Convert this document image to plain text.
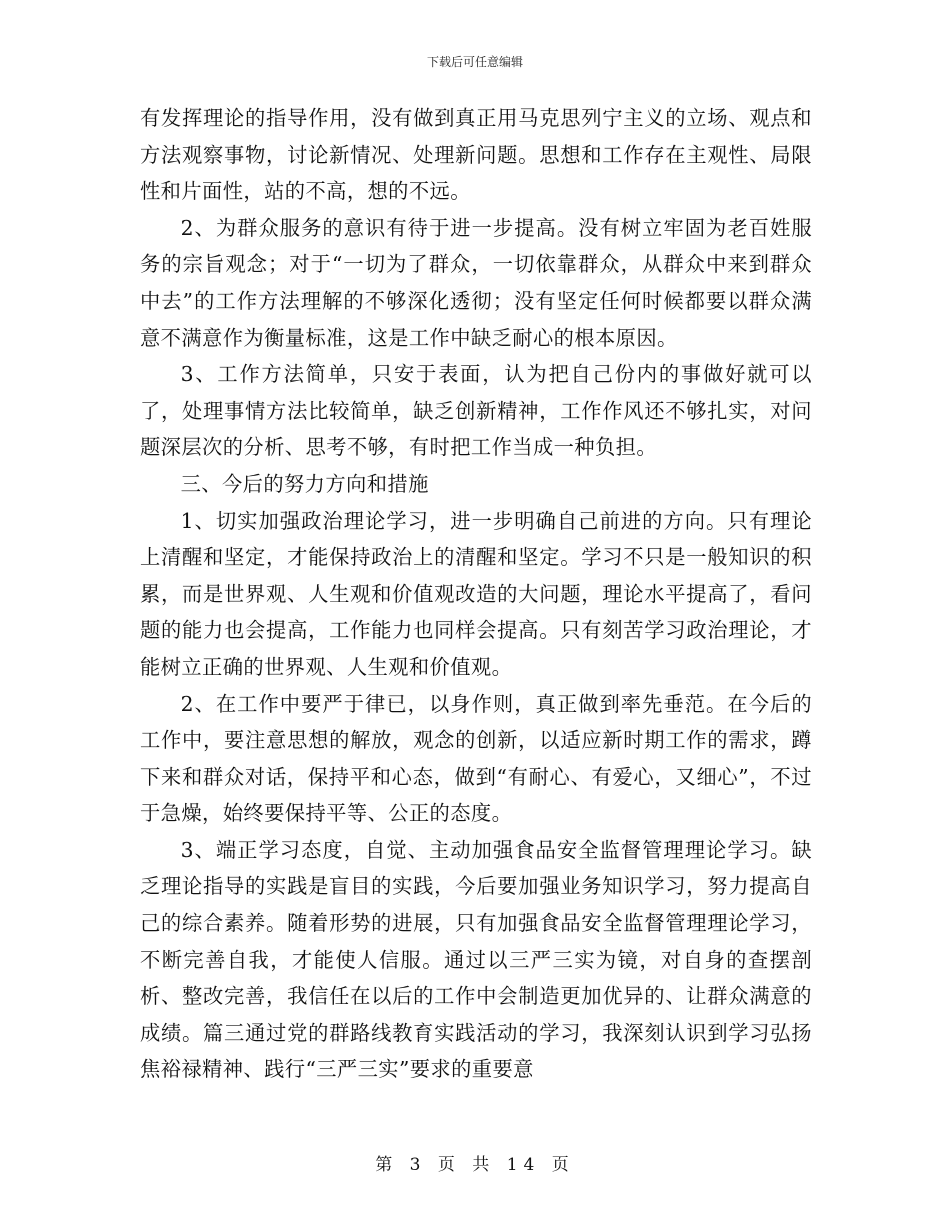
下载后可任意编辑

有发挥理论的指导作用，没有做到真正用马克思列宁主义的立场、观点和方法观察事物，讨论新情况、处理新问题。思想和工作存在主观性、局限性和片面性，站的不高，想的不远。

2、为群众服务的意识有待于进一步提高。没有树立牢固为老百姓服务的宗旨观念；对于“一切为了群众，一切依靠群众，从群众中来到群众中去”的工作方法理解的不够深化透彻；没有坚定任何时候都要以群众满意不满意作为衡量标准，这是工作中缺乏耐心的根本原因。

3、工作方法简单，只安于表面，认为把自己份内的事做好就可以了，处理事情方法比较简单，缺乏创新精神，工作作风还不够扎实，对问题深层次的分析、思考不够，有时把工作当成一种负担。

三、今后的努力方向和措施

1、切实加强政治理论学习，进一步明确自己前进的方向。只有理论上清醒和坚定，才能保持政治上的清醒和坚定。学习不只是一般知识的积累，而是世界观、人生观和价值观改造的大问题，理论水平提高了，看问题的能力也会提高，工作能力也同样会提高。只有刻苦学习政治理论，才能树立正确的世界观、人生观和价值观。

2、在工作中要严于律已，以身作则，真正做到率先垂范。在今后的工作中，要注意思想的解放，观念的创新，以适应新时期工作的需求，蹲下来和群众对话，保持平和心态，做到“有耐心、有爱心，又细心”，不过于急燥，始终要保持平等、公正的态度。

3、端正学习态度，自觉、主动加强食品安全监督管理理论学习。缺乏理论指导的实践是盲目的实践，今后要加强业务知识学习，努力提高自己的综合素养。随着形势的进展，只有加强食品安全监督管理理论学习，不断完善自我，才能使人信服。通过以三严三实为镜，对自身的查摆剖析、整改完善，我信任在以后的工作中会制造更加优异的、让群众满意的成绩。篇三通过党的群路线教育实践活动的学习，我深刻认识到学习弘扬焦裕禄精神、践行“三严三实”要求的重要意

第 3 页 共 14 页
